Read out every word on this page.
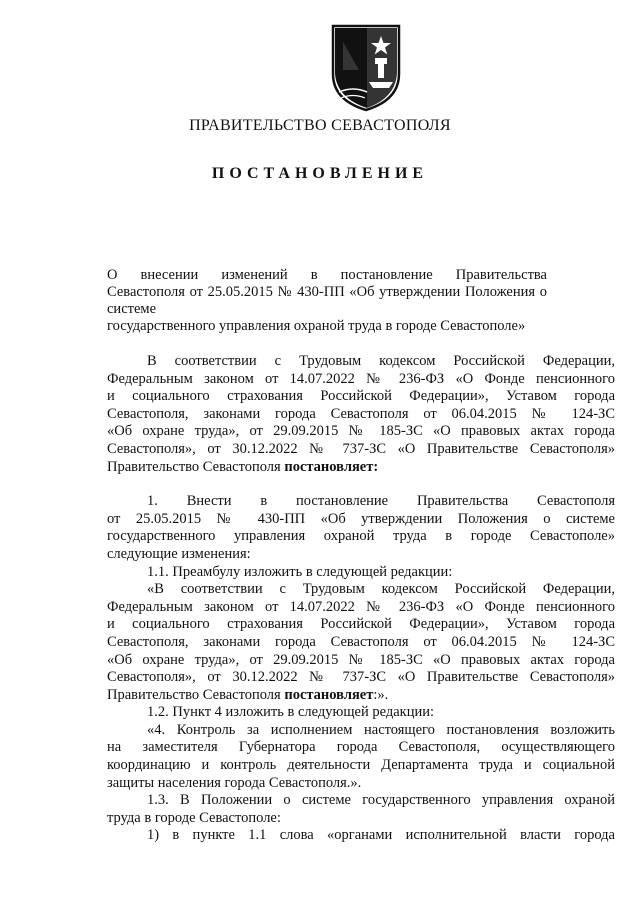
ПРАВИТЕЛЬСТВО СЕВАСТОПОЛЯ
ПОСТАНОВЛЕНИЕ
О внесении изменений в постановление Правительства
Севастополя от 25.05.2015 № 430-ПП «Об утверждении Положения о системе
государственного управления охраной труда в городе Севастополе»
В соответствии с Трудовым кодексом Российской Федерации,
Федеральным законом от 14.07.2022 № 236-ФЗ «О Фонде пенсионного
и социального страхования Российской Федерации», Уставом города
Севастополя, законами города Севастополя от 06.04.2015 № 124-ЗС
«Об охране труда», от 29.09.2015 № 185-ЗС «О правовых актах города
Севастополя», от 30.12.2022 № 737-ЗС «О Правительстве Севастополя»
Правительство Севастополя постановляет:
1. Внести в постановление Правительства Севастополя
от 25.05.2015 № 430-ПП «Об утверждении Положения о системе
государственного управления охраной труда в городе Севастополе»
следующие изменения:
1.1. Преамбулу изложить в следующей редакции:
«В соответствии с Трудовым кодексом Российской Федерации,
Федеральным законом от 14.07.2022 № 236-ФЗ «О Фонде пенсионного
и социального страхования Российской Федерации», Уставом города
Севастополя, законами города Севастополя от 06.04.2015 № 124-ЗС
«Об охране труда», от 29.09.2015 № 185-ЗС «О правовых актах города
Севастополя», от 30.12.2022 № 737-ЗС «О Правительстве Севастополя»
Правительство Севастополя постановляет:».
1.2. Пункт 4 изложить в следующей редакции:
«4. Контроль за исполнением настоящего постановления возложить
на заместителя Губернатора города Севастополя, осуществляющего
координацию и контроль деятельности Департамента труда и социальной
защиты населения города Севастополя.».
1.3. В Положении о системе государственного управления охраной
труда в городе Севастополе:
1) в пункте 1.1 слова «органами исполнительной власти города
